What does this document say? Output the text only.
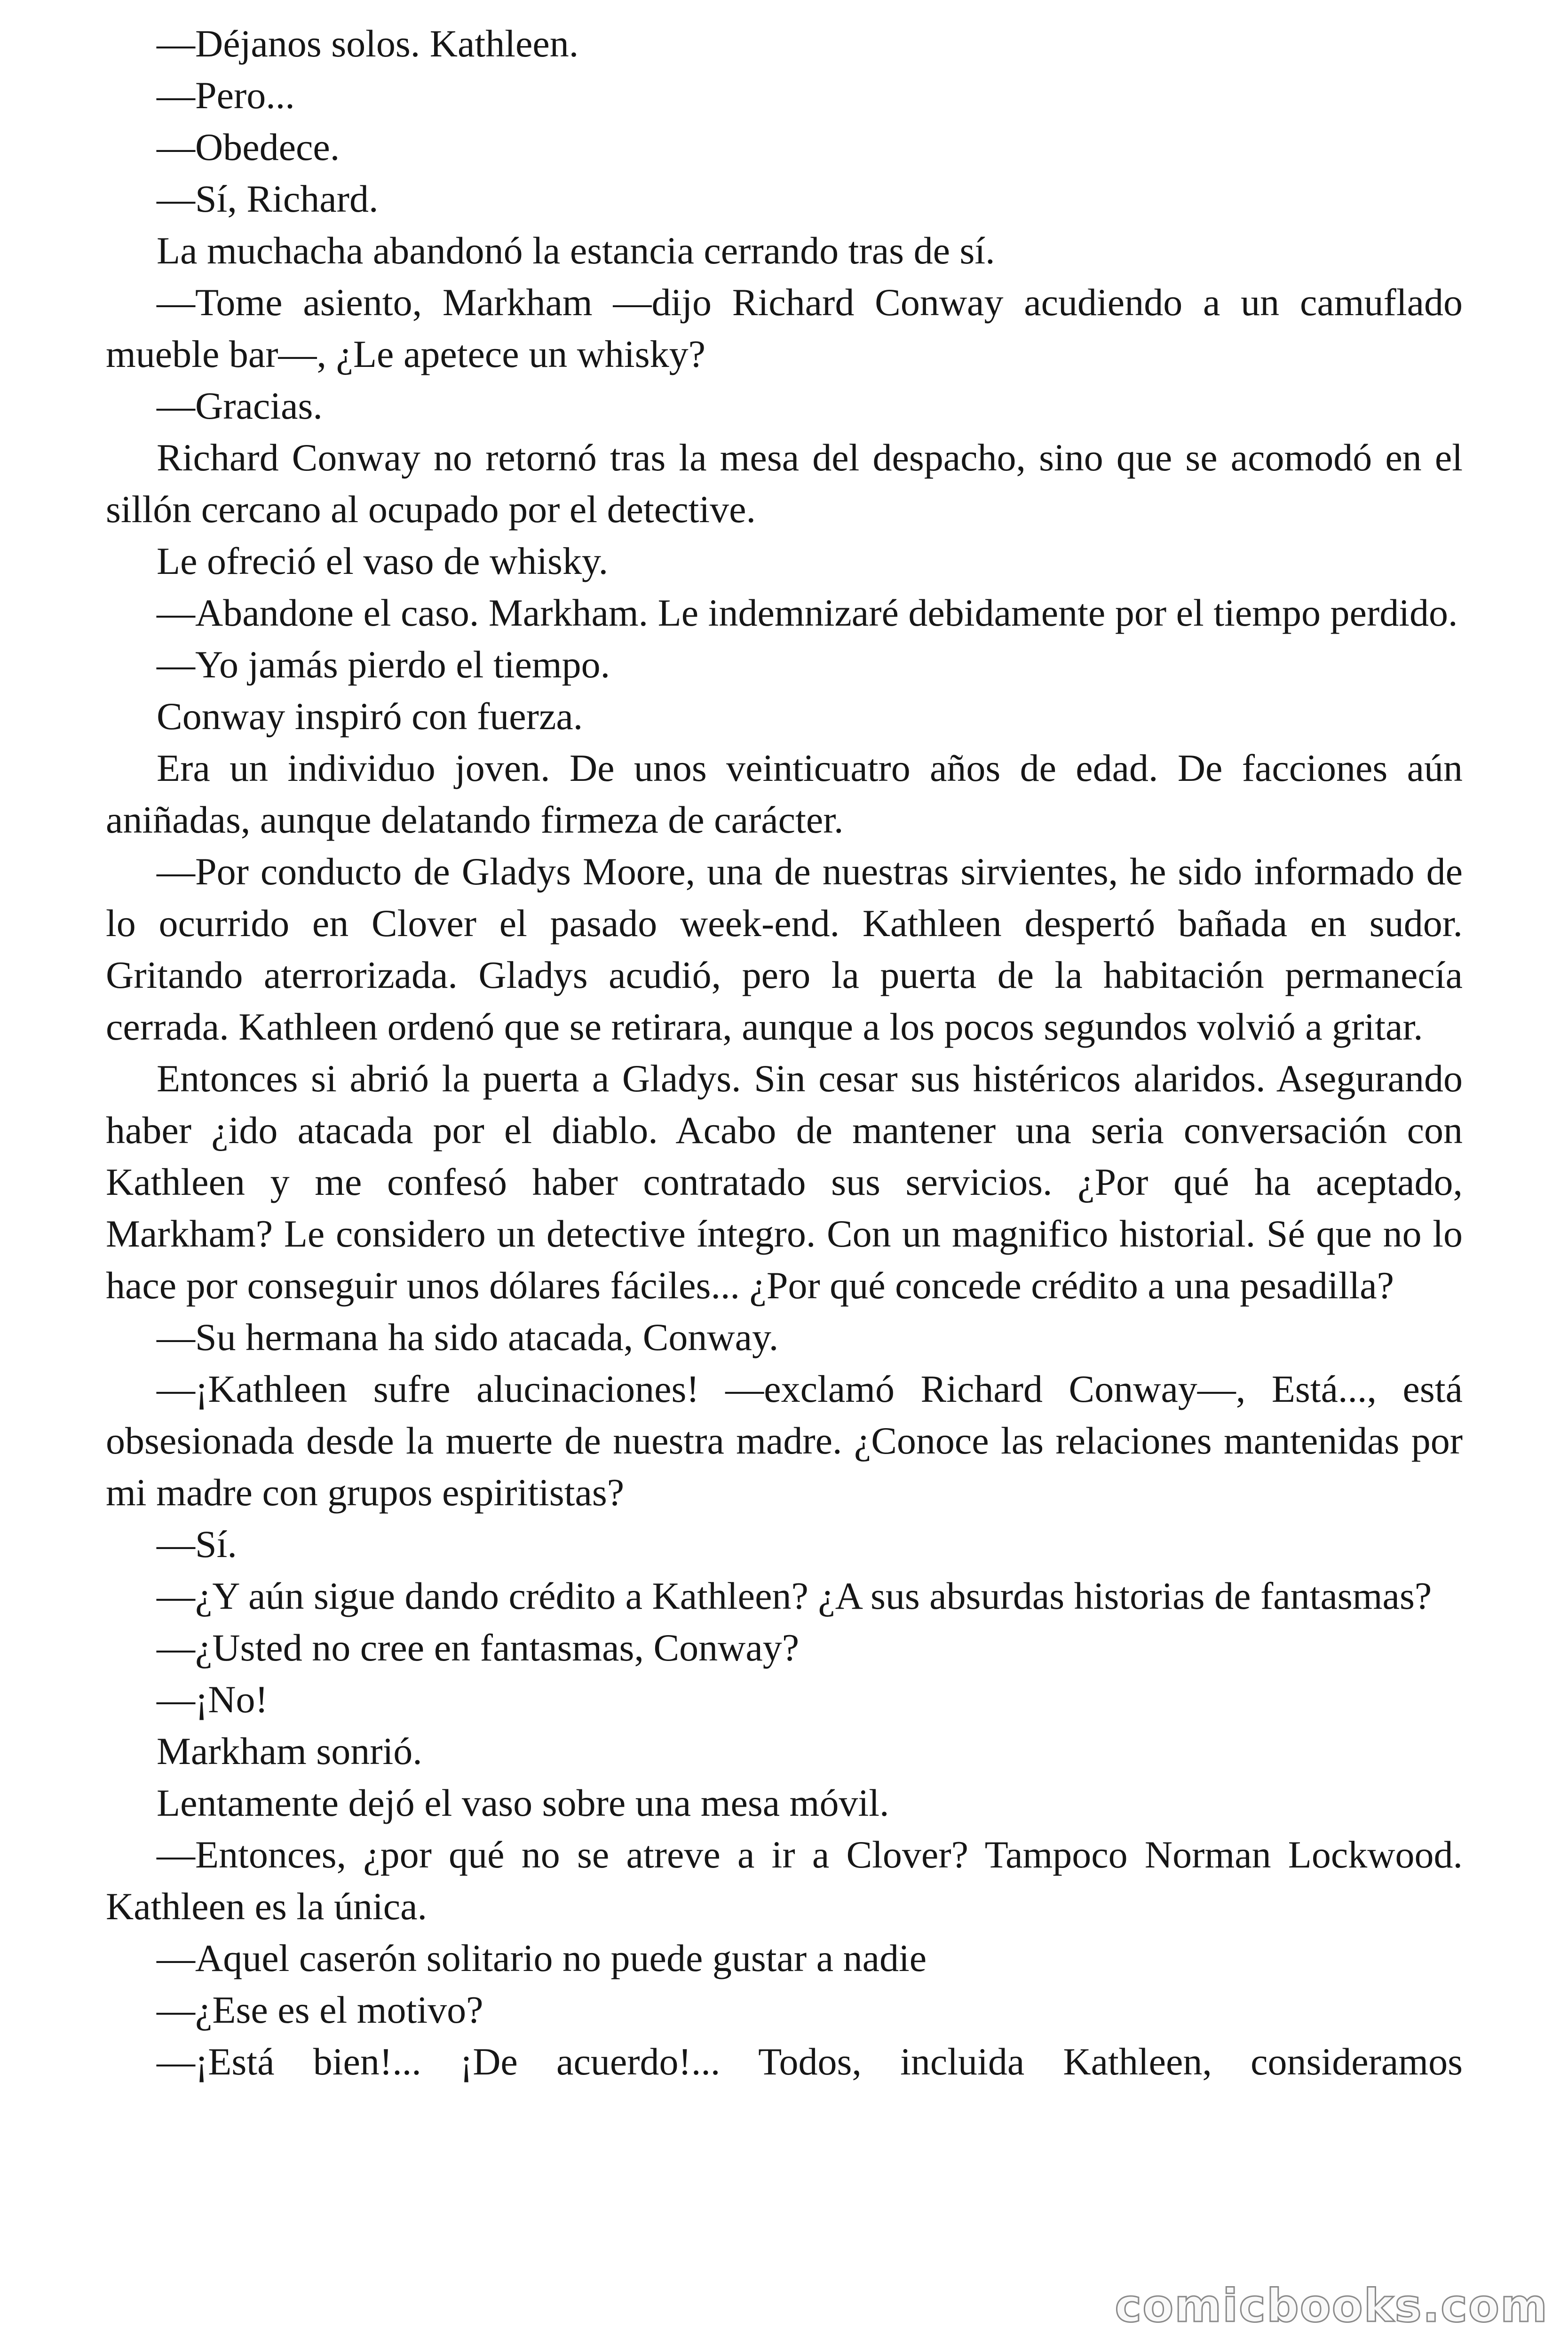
—Déjanos solos. Kathleen.

—Pero...

—Obedece.

—Sí, Richard.

La muchacha abandonó la estancia cerrando tras de sí.

—Tome asiento, Markham —dijo Richard Conway acudiendo a un camuflado mueble bar—, ¿Le apetece un whisky?

—Gracias.

Richard Conway no retornó tras la mesa del despacho, sino que se acomodó en el sillón cercano al ocupado por el detective.

Le ofreció el vaso de whisky.

—Abandone el caso. Markham. Le indemnizaré debidamente por el tiempo perdido.

—Yo jamás pierdo el tiempo.

Conway inspiró con fuerza.

Era un individuo joven. De unos veinticuatro años de edad. De facciones aún aniñadas, aunque delatando firmeza de carácter.

—Por conducto de Gladys Moore, una de nuestras sirvientes, he sido informado de lo ocurrido en Clover el pasado week-end. Kathleen despertó bañada en sudor. Gritando aterrorizada. Gladys acudió, pero la puerta de la habitación permanecía cerrada. Kathleen ordenó que se retirara, aunque a los pocos segundos volvió a gritar.

Entonces si abrió la puerta a Gladys. Sin cesar sus histéricos alaridos. Asegurando haber ¿ido atacada por el diablo. Acabo de mantener una seria conversación con Kathleen y me confesó haber contratado sus servicios. ¿Por qué ha aceptado, Markham? Le considero un detective íntegro. Con un magnifico historial. Sé que no lo hace por conseguir unos dólares fáciles... ¿Por qué concede crédito a una pesadilla?

—Su hermana ha sido atacada, Conway.

—¡Kathleen sufre alucinaciones! —exclamó Richard Conway—, Está..., está obsesionada desde la muerte de nuestra madre. ¿Conoce las relaciones mantenidas por mi madre con grupos espiritistas?

—Sí.

—¿Y aún sigue dando crédito a Kathleen? ¿A sus absurdas historias de fantasmas?

—¿Usted no cree en fantasmas, Conway?

—¡No!

Markham sonrió.

Lentamente dejó el vaso sobre una mesa móvil.

—Entonces, ¿por qué no se atreve a ir a Clover? Tampoco Norman Lockwood. Kathleen es la única.

—Aquel caserón solitario no puede gustar a nadie

—¿Ese es el motivo?

—¡Está bien!... ¡De acuerdo!... Todos, incluida Kathleen, consideramos

comicbooks.com
